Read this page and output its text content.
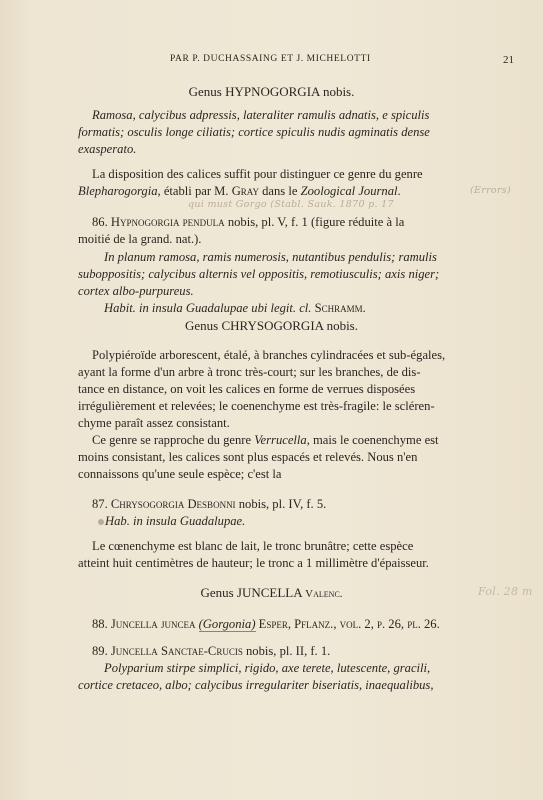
PAR P. DUCHASSAING ET J. MICHELOTTI	21
Genus HYPNOGORGIA nobis.
Ramosa, calycibus adpressis, lateraliter ramulis adnatis, e spiculis
formatis; osculis longe ciliatis; cortice spiculis nudis agminatis dense
exasperato.
La disposition des calices suffit pour distinguer ce genre du genre
Blepharogorgia, établi par M. Gray dans le Zoological Journal.	(Errors)
qui must Gorgo (Stabl. Sauk. 1870 p. 17
86. Hypnogorgia pendula nobis, pl. V, f. 1 (figure réduite à la
moitié de la grand. nat.).
In planum ramosa, ramis numerosis, nutantibus pendulis; ramulis
suboppositis; calycibus alternis vel oppositis, remotiusculis; axis niger;
cortex albo-purpureus.
Habit. in insula Guadalupae ubi legit. cl. Schramm.
Genus CHRYSOGORGIA nobis.
Polypiéroïde arborescent, étalé, à branches cylindracées et sub-égales,
ayant la forme d'un arbre à tronc très-court; sur les branches, de dis-
tance en distance, on voit les calices en forme de verrues disposées
irrégulièrement et relevées; le coenenchyme est très-fragile: le scléren-
chyme paraît assez consistant.
Ce genre se rapproche du genre Verrucella, mais le coenenchyme est
moins consistant, les calices sont plus espacés et relevés. Nous n'en
connaissons qu'une seule espèce; c'est la
87. Chrysogorgia Desbonni nobis, pl. IV, f. 5.
Hab. in insula Guadalupae.
Le cœnenchyme est blanc de lait, le tronc brunâtre; cette espèce
atteint huit centimètres de hauteur; le tronc a 1 millimètre d'épaisseur.
Genus JUNCELLA Valenc.	Fol. 28 m
88. Juncella juncea (Gorgonia) Esper, Pflanz., vol. 2, p. 26, pl. 26.
89. Juncella Sanctae-Crucis nobis, pl. II, f. 1.
Polyparium stirpe simplici, rigido, axe terete, lutescente, gracili,
cortice cretaceo, albo; calycibus irregulariter biseriatis, inaequalibus,
